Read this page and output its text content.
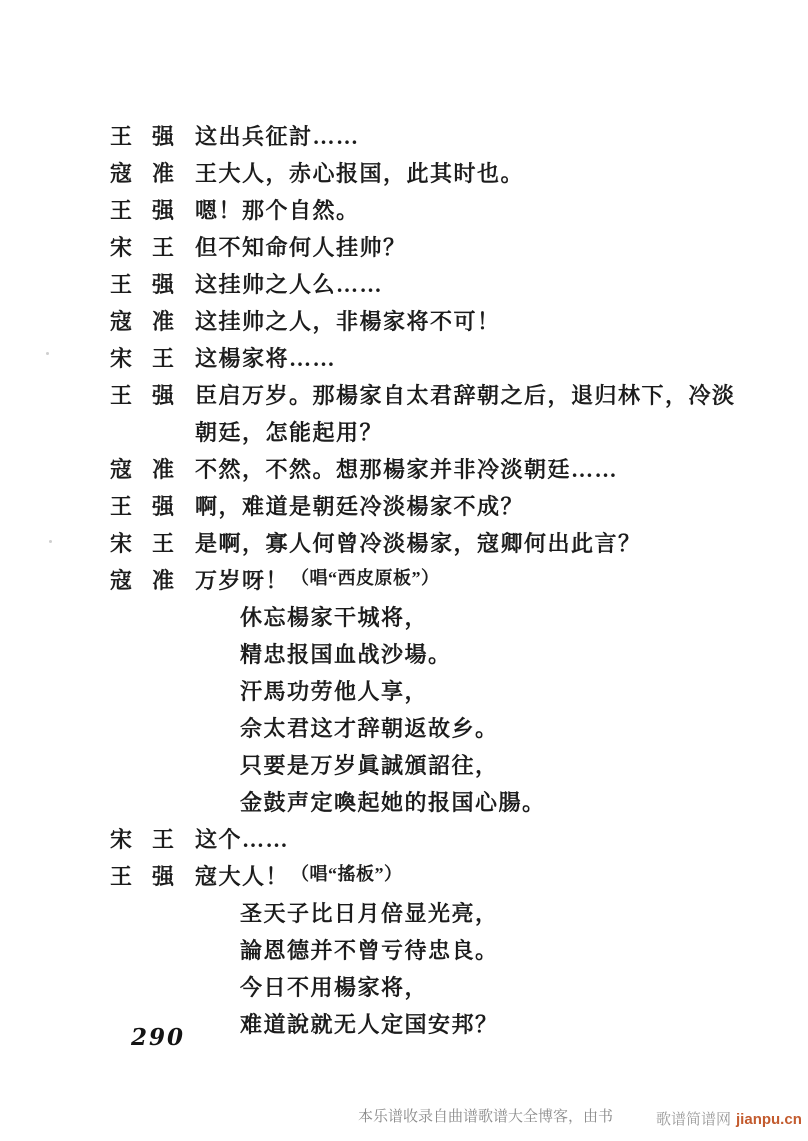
王 强 这出兵征討……
寇 准 王大人，赤心报国，此其时也。
王 强 嗯！那个自然。
宋 王 但不知命何人挂帅？
王 强 这挂帅之人么……
寇 准 这挂帅之人，非楊家将不可！
宋 王 这楊家将……
王 强 臣启万岁。那楊家自太君辞朝之后，退归林下，冷淡
朝廷，怎能起用？
寇 准 不然，不然。想那楊家并非冷淡朝廷……
王 强 啊，难道是朝廷冷淡楊家不成？
宋 王 是啊，寡人何曾冷淡楊家，寇卿何出此言？
寇 准 万岁呀！ （唱“西皮原板”）
休忘楊家干城将，
精忠报国血战沙場。
汗馬功劳他人享，
佘太君这才辞朝返故乡。
只要是万岁眞誠頒詔往，
金鼓声定喚起她的报国心腸。
宋 王 这个……
王 强 寇大人！ （唱“搖板”）
圣天子比日月倍显光亮，
論恩德并不曾亏待忠良。
今日不用楊家将，
难道說就无人定国安邦？
290
本乐谱收录自曲谱歌谱大全博客，由书	歌谱简谱网 jianpu.cn
